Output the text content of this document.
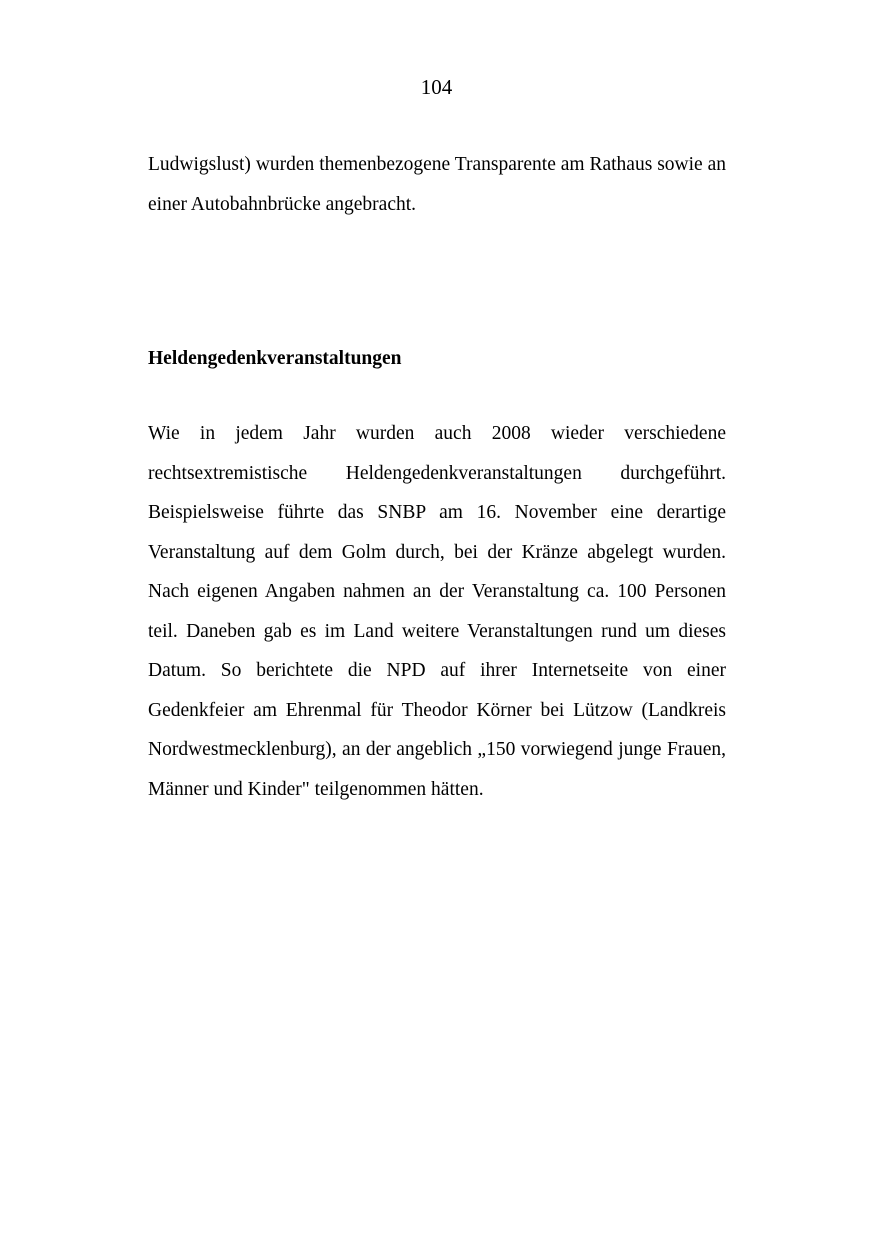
104

Ludwigslust) wurden themenbezogene Transparente am Rathaus sowie an einer Autobahnbrücke angebracht.

Heldengedenkveranstaltungen

Wie in jedem Jahr wurden auch 2008 wieder verschiedene rechtsextremistische Heldengedenkveranstaltungen durchgeführt. Beispielsweise führte das SNBP am 16. November eine derartige Veranstaltung auf dem Golm durch, bei der Kränze abgelegt wurden. Nach eigenen Angaben nahmen an der Veranstaltung ca. 100 Personen teil. Daneben gab es im Land weitere Veranstaltungen rund um dieses Datum. So berichtete die NPD auf ihrer Internetseite von einer Gedenkfeier am Ehrenmal für Theodor Körner bei Lützow (Landkreis Nordwestmecklenburg), an der angeblich „150 vorwiegend junge Frauen, Männer und Kinder" teilgenommen hätten.
